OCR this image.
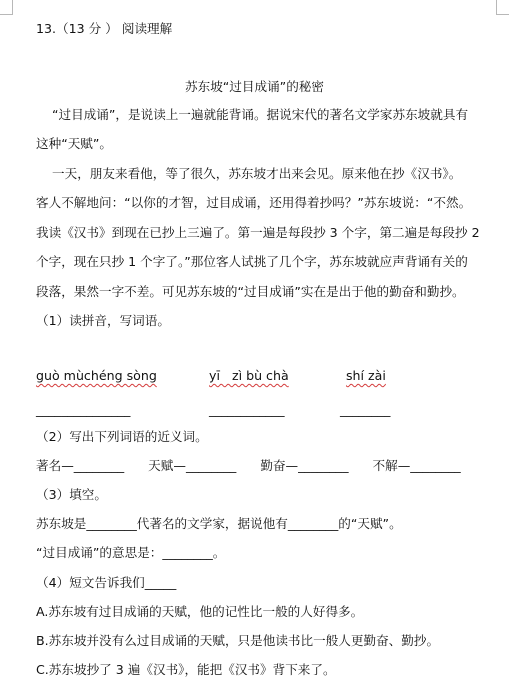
13.（13 分 ） 阅读理解
苏东坡“过目成诵”的秘密
“过目成诵”，是说读上一遍就能背诵。据说宋代的著名文学家苏东坡就具有
这种“天赋”。
一天，朋友来看他，等了很久，苏东坡才出来会见。原来他在抄《汉书》。
客人不解地问：“以你的才智，过目成诵，还用得着抄吗？”苏东坡说：“不然。
我读《汉书》到现在已抄上三遍了。第一遍是每段抄 3 个字，第二遍是每段抄 2
个字，现在只抄 1 个字了。”那位客人试挑了几个字，苏东坡就应声背诵有关的
段落，果然一字不差。可见苏东坡的“过目成诵”实在是出于他的勤奋和勤抄。
（1）读拼音，写词语。
guò mùchéng sòng	yī   zì bù chà	shí zài
_______________	____________	________
（2）写出下列词语的近义词。
著名—________      天赋—________      勤奋—________      不解—________
（3）填空。
苏东坡是________代著名的文学家，据说他有________的“天赋”。
“过目成诵”的意思是：________。
（4）短文告诉我们_____
A.苏东坡有过目成诵的天赋，他的记性比一般的人好得多。
B.苏东坡并没有么过目成诵的天赋，只是他读书比一般人更勤奋、勤抄。
C.苏东坡抄了 3 遍《汉书》，能把《汉书》背下来了。
